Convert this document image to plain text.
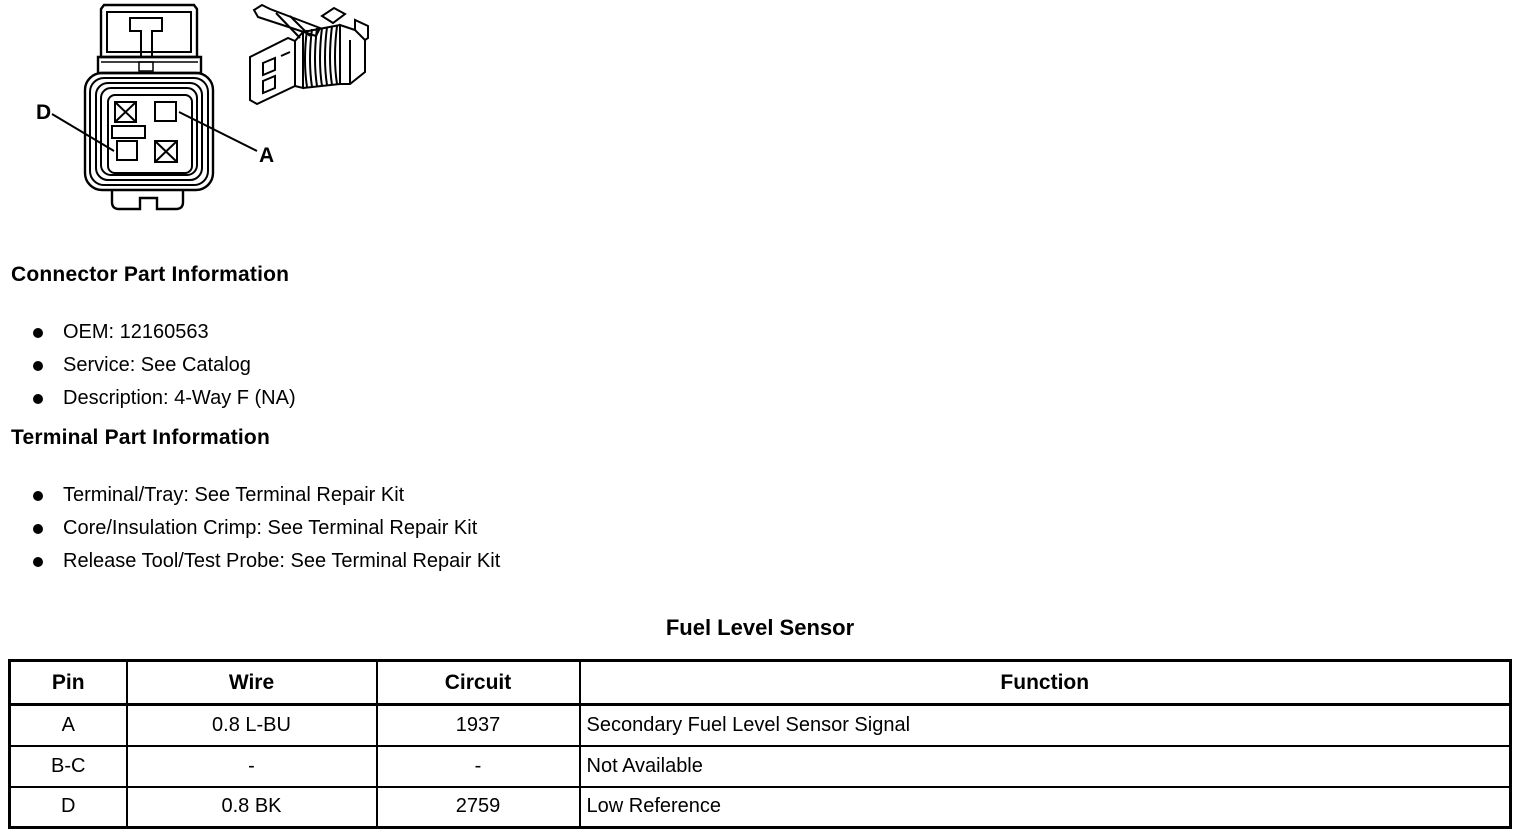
D
A
Connector Part Information
OEM: 12160563
Service: See Catalog
Description: 4-Way F (NA)
Terminal Part Information
Terminal/Tray: See Terminal Repair Kit
Core/Insulation Crimp: See Terminal Repair Kit
Release Tool/Test Probe: See Terminal Repair Kit
Fuel Level Sensor
Pin	Wire	Circuit	Function
A	0.8 L-BU	1937	Secondary Fuel Level Sensor Signal
B-C	-	-	Not Available
D	0.8 BK	2759	Low Reference
